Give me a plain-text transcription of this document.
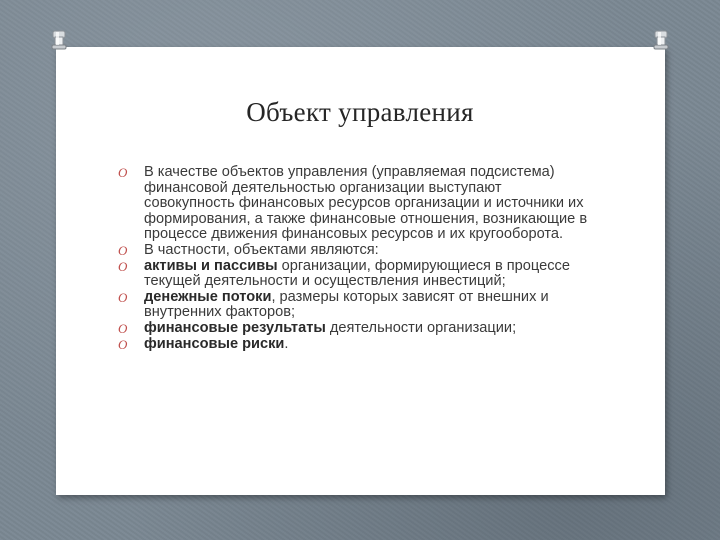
Объект управления
O В качестве объектов управления (управляемая подсистема) финансовой деятельностью организации выступают совокупность финансовых ресурсов организации и источники их формирования, а также финансовые отношения, возникающие в процессе движения финансовых ресурсов и их кругооборота.
O В частности, объектами являются:
O активы и пассивы организации, формирующиеся в процессе текущей деятельности и осуществления инвестиций;
O денежные потоки, размеры которых зависят от внешних и внутренних факторов;
O финансовые результаты деятельности организации;
O финансовые риски.
